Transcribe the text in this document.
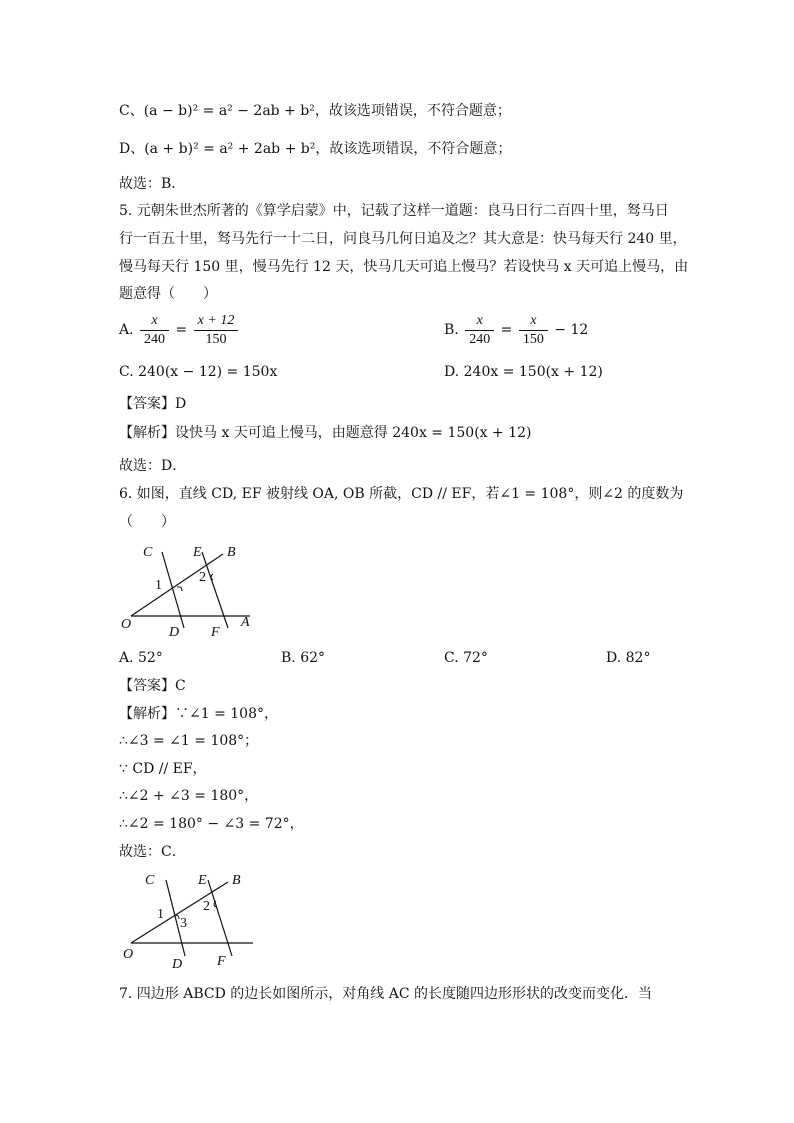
C、(a − b)² = a² − 2ab + b²，故该选项错误，不符合题意；
D、(a + b)² = a² + 2ab + b²，故该选项错误，不符合题意；
故选：B．
5. 元朝朱世杰所著的《算学启蒙》中，记载了这样一道题：良马日行二百四十里，驽马日
行一百五十里，驽马先行一十二日，问良马几何日追及之？其大意是：快马每天行 240 里，
慢马每天行 150 里，慢马先行 12 天，快马几天可追上慢马？若设快马 x 天可追上慢马，由
题意得（　　）
A. $\frac{x}{240} = \frac{x + 12}{150}$	B. $\frac{x}{240} = \frac{x}{150} - 12$
C. 240(x − 12) = 150x	D. 240x = 150(x + 12)
【答案】D
【解析】设快马 x 天可追上慢马，由题意得 240x = 150(x + 12)
故选：D．
6. 如图，直线 CD, EF 被射线 OA, OB 所截，CD // EF，若∠1 = 108°，则∠2 的度数为
（　　）
C	E B
1
2
O
D F
A
A. 52°	B. 62°	C. 72°	D. 82°
【答案】C
【解析】∵∠1 = 108°，
∴∠3 = ∠1 = 108°；
∵ CD // EF，
∴∠2 + ∠3 = 180°，
∴∠2 = 180° − ∠3 = 72°，
故选：C．
C	E B
1
3
2
O
D F
7. 四边形 ABCD 的边长如图所示，对角线 AC 的长度随四边形形状的改变而变化．当
